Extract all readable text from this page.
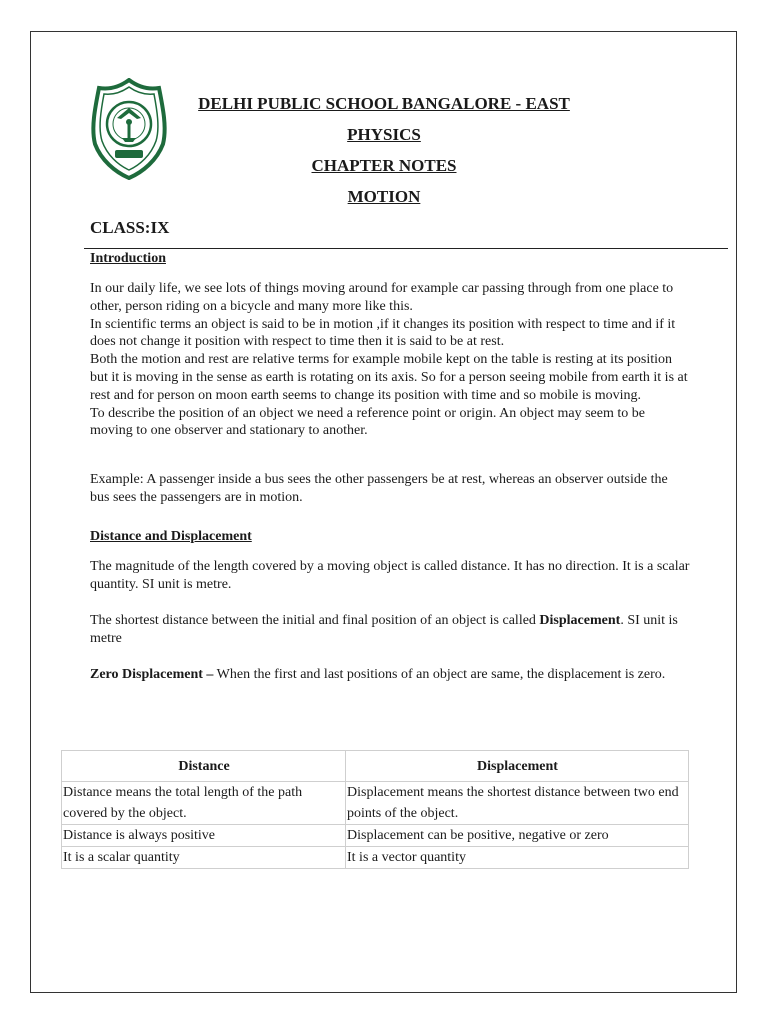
DELHI PUBLIC SCHOOL BANGALORE - EAST
PHYSICS
CHAPTER NOTES
MOTION
CLASS:IX
Introduction
In our daily life, we see lots of things moving around for example car passing through from one place to other, person riding on a bicycle and many more like this.
In scientific terms an object is said to be in motion ,if it changes its position with respect to time and if it does not change it position with respect to time then it is said to be at rest.
Both the motion and rest are relative terms for example mobile kept on the table is resting at its position but it is moving in the sense as earth is rotating on its axis. So for a person seeing mobile from earth it is at rest and for person on moon earth seems to change its position with time and so mobile is moving.
To describe the position of an object we need a reference point or origin. An object may seem to be moving to one observer and stationary to another.
Example: A passenger inside a bus sees the other passengers be at rest, whereas an observer outside the bus sees the passengers are in motion.
Distance and Displacement
The magnitude of the length covered by a moving object is called distance. It has no direction. It is a scalar quantity. SI unit is metre.
The shortest distance between the initial and final position of an object is called Displacement. SI unit is metre
Zero Displacement – When the first and last positions of an object are same, the displacement is zero.
Distance	Displacement
Distance means the total length of the path covered by the object.	Displacement means the shortest distance between two end points of the object.
Distance is always positive	Displacement can be positive, negative or zero
It is a scalar quantity	It is a vector quantity
